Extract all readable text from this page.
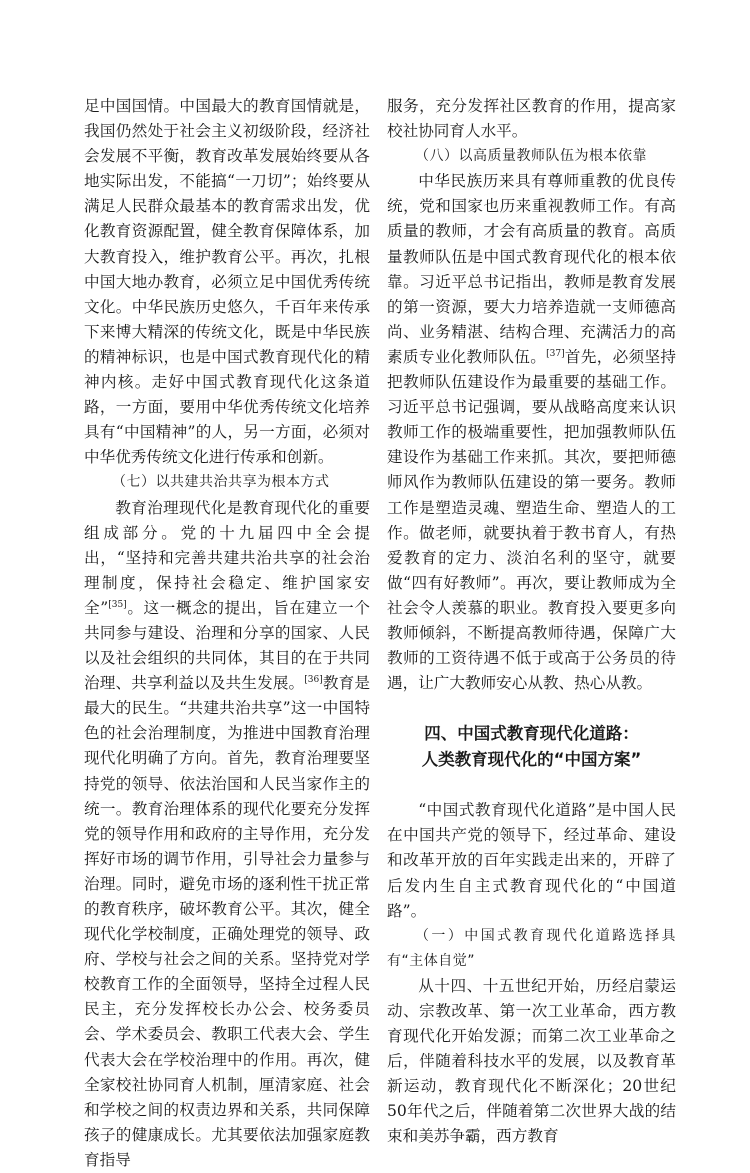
足中国国情。中国最大的教育国情就是，我国仍然处于社会主义初级阶段，经济社会发展不平衡，教育改革发展始终要从各地实际出发，不能搞“一刀切”；始终要从满足人民群众最基本的教育需求出发，优化教育资源配置，健全教育保障体系，加大教育投入，维护教育公平。再次，扎根中国大地办教育，必须立足中国优秀传统文化。中华民族历史悠久，千百年来传承下来博大精深的传统文化，既是中华民族的精神标识，也是中国式教育现代化的精神内核。走好中国式教育现代化这条道路，一方面，要用中华优秀传统文化培养具有“中国精神”的人，另一方面，必须对中华优秀传统文化进行传承和创新。

（七）以共建共治共享为根本方式

教育治理现代化是教育现代化的重要组成部分。党的十九届四中全会提出，“坚持和完善共建共治共享的社会治理制度，保持社会稳定、维护国家安全”[35]。这一概念的提出，旨在建立一个共同参与建设、治理和分享的国家、人民以及社会组织的共同体，其目的在于共同治理、共享利益以及共生发展。[36]教育是最大的民生。“共建共治共享”这一中国特色的社会治理制度，为推进中国教育治理现代化明确了方向。首先，教育治理要坚持党的领导、依法治国和人民当家作主的统一。教育治理体系的现代化要充分发挥党的领导作用和政府的主导作用，充分发挥好市场的调节作用，引导社会力量参与治理。同时，避免市场的逐利性干扰正常的教育秩序，破坏教育公平。其次，健全现代化学校制度，正确处理党的领导、政府、学校与社会之间的关系。坚持党对学校教育工作的全面领导，坚持全过程人民民主，充分发挥校长办公会、校务委员会、学术委员会、教职工代表大会、学生代表大会在学校治理中的作用。再次，健全家校社协同育人机制，厘清家庭、社会和学校之间的权责边界和关系，共同保障孩子的健康成长。尤其要依法加强家庭教育指导

服务，充分发挥社区教育的作用，提高家校社协同育人水平。

（八）以高质量教师队伍为根本依靠

中华民族历来具有尊师重教的优良传统，党和国家也历来重视教师工作。有高质量的教师，才会有高质量的教育。高质量教师队伍是中国式教育现代化的根本依靠。习近平总书记指出，教师是教育发展的第一资源，要大力培养造就一支师德高尚、业务精湛、结构合理、充满活力的高素质专业化教师队伍。[37]首先，必须坚持把教师队伍建设作为最重要的基础工作。习近平总书记强调，要从战略高度来认识教师工作的极端重要性，把加强教师队伍建设作为基础工作来抓。其次，要把师德师风作为教师队伍建设的第一要务。教师工作是塑造灵魂、塑造生命、塑造人的工作。做老师，就要执着于教书育人，有热爱教育的定力、淡泊名利的坚守，就要做“四有好教师”。再次，要让教师成为全社会令人羡慕的职业。教育投入要更多向教师倾斜，不断提高教师待遇，保障广大教师的工资待遇不低于或高于公务员的待遇，让广大教师安心从教、热心从教。

四、中国式教育现代化道路：
人类教育现代化的“中国方案”

“中国式教育现代化道路”是中国人民在中国共产党的领导下，经过革命、建设和改革开放的百年实践走出来的，开辟了后发内生自主式教育现代化的“中国道路”。

（一）中国式教育现代化道路选择具有“主体自觉”

从十四、十五世纪开始，历经启蒙运动、宗教改革、第一次工业革命，西方教育现代化开始发源；而第二次工业革命之后，伴随着科技水平的发展，以及教育革新运动，教育现代化不断深化；20世纪50年代之后，伴随着第二次世界大战的结束和美苏争霸，西方教育
